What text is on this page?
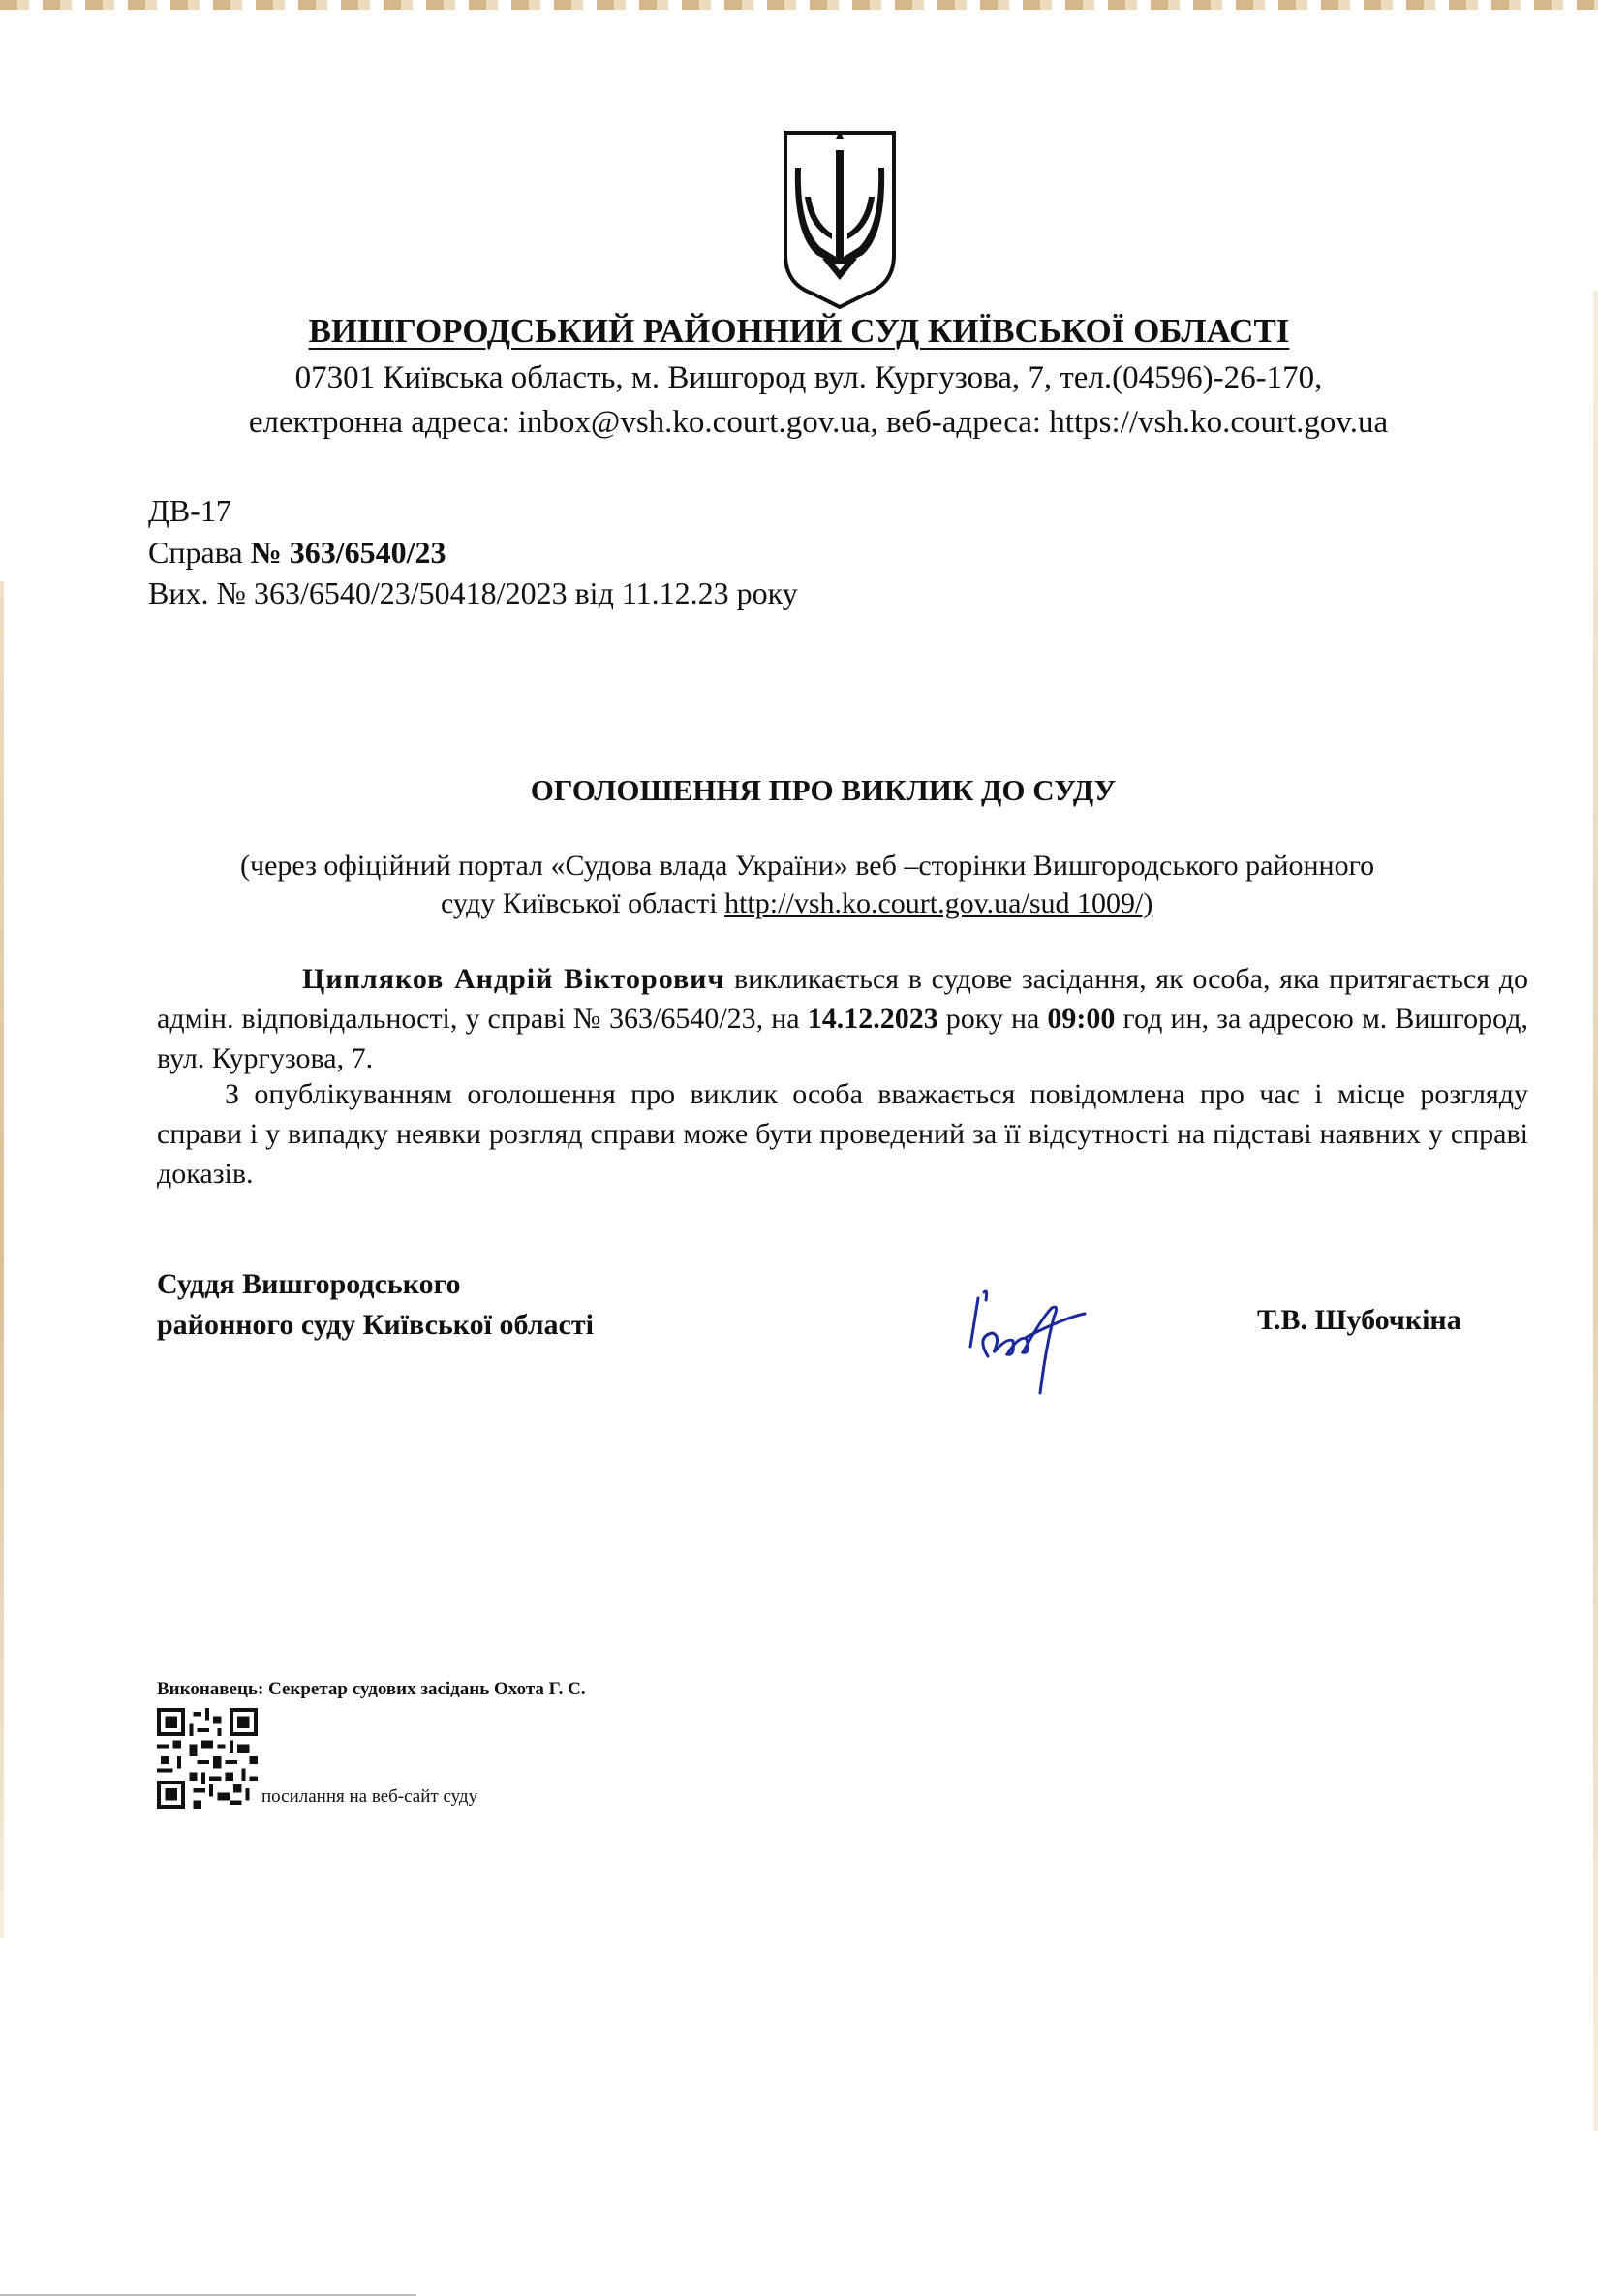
ВИШГОРОДСЬКИЙ РАЙОННИЙ СУД КИЇВСЬКОЇ ОБЛАСТІ
07301 Київська область, м. Вишгород вул. Кургузова, 7, тел.(04596)-26-170,
електронна адреса: inbox@vsh.ko.court.gov.ua, веб-адреса: https://vsh.ko.court.gov.ua
ДВ-17
Справа № 363/6540/23
Вих. № 363/6540/23/50418/2023 від 11.12.23 року
ОГОЛОШЕННЯ ПРО ВИКЛИК ДО СУДУ
(через офіційний портал «Судова влада України» веб –сторінки Вишгородського районного
суду Київської області http://vsh.ko.court.gov.ua/sud 1009/)
Ципляков Андрій Вікторович викликається в судове засідання, як особа, яка притягається до адмін. відповідальності, у справі № 363/6540/23, на 14.12.2023 року на 09:00 год ин, за адресою м. Вишгород, вул. Кургузова, 7.
З опублікуванням оголошення про виклик особа вважається повідомлена про час і місце розгляду справи і у випадку неявки розгляд справи може бути проведений за її відсутності на підставі наявних у справі доказів.
Суддя Вишгородського
районного суду Київської області	Т.В. Шубочкіна
Виконавець: Секретар судових засідань Охота Г. С.
посилання на веб-сайт суду
